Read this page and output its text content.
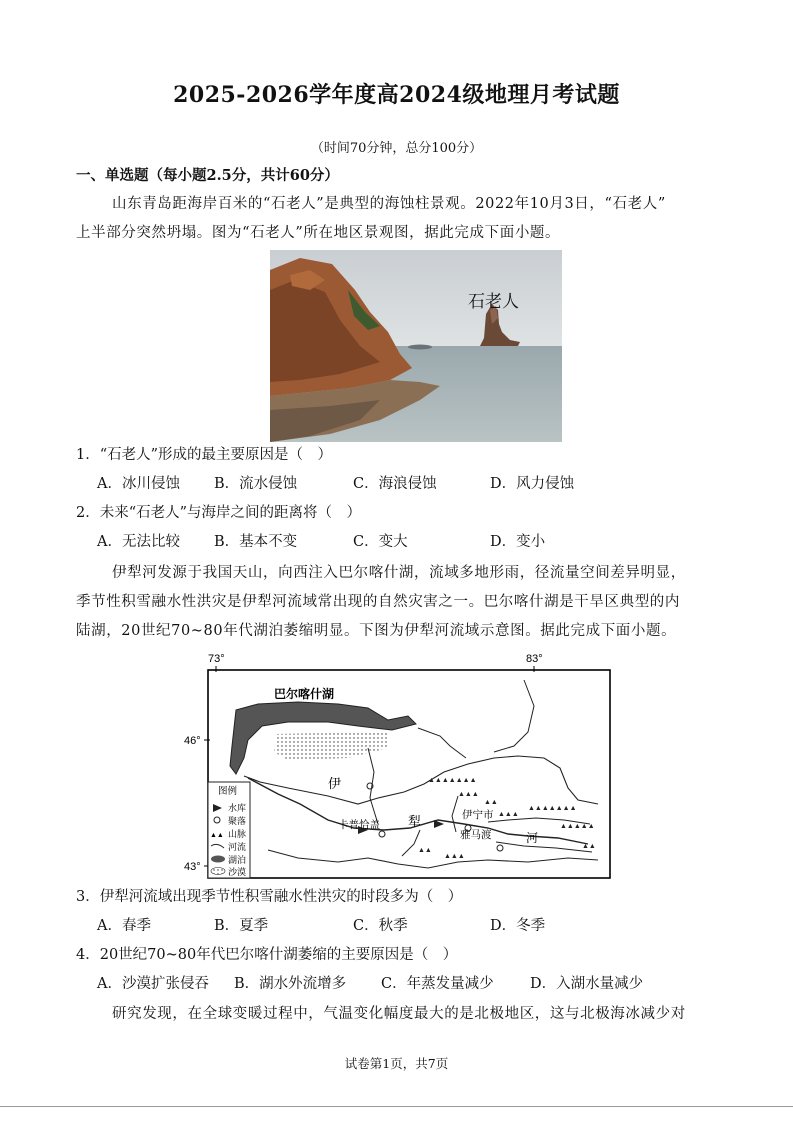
2025-2026学年度高2024级地理月考试题
（时间70分钟，总分100分）
一、单选题（每小题2.5分，共计60分）
山东青岛距海岸百米的“石老人”是典型的海蚀柱景观。2022年10月3日，“石老人”
上半部分突然坍塌。图为“石老人”所在地区景观图，据此完成下面小题。
石老人
1．“石老人”形成的最主要原因是（　）
A．冰川侵蚀 B．流水侵蚀	C．海浪侵蚀	D．风力侵蚀
2．未来“石老人”与海岸之间的距离将（　）
A．无法比较 B．基本不变	C．变大	D．变小
伊犁河发源于我国天山，向西注入巴尔喀什湖，流域多地形雨，径流量空间差异明显，
季节性积雪融水性洪灾是伊犁河流域常出现的自然灾害之一。巴尔喀什湖是干旱区典型的内
陆湖，20世纪70~80年代湖泊萎缩明显。下图为伊犁河流域示意图。据此完成下面小题。
73°	83°
46°
43°
巴尔喀什湖
▲▲▲▲▲▲▲
▲▲▲
▲▲
▲▲▲
▲▲▲▲▲▲▲
▲▲▲▲▲
▲▲
▲▲▲
▲▲
伊
犁
河
卡普恰盖
伊宁市
雅马渡
图例
水库
聚落
▲▲ 山脉
河流
湖泊
沙漠
3．伊犁河流域出现季节性积雪融水性洪灾的时段多为（　）
A．春季	B．夏季	C．秋季	D．冬季
4．20世纪70~80年代巴尔喀什湖萎缩的主要原因是（　）
A．沙漠扩张侵吞 B．湖水外流增多 C．年蒸发量减少	D．入湖水量减少
研究发现，在全球变暖过程中，气温变化幅度最大的是北极地区，这与北极海冰减少对
试卷第1页，共7页
